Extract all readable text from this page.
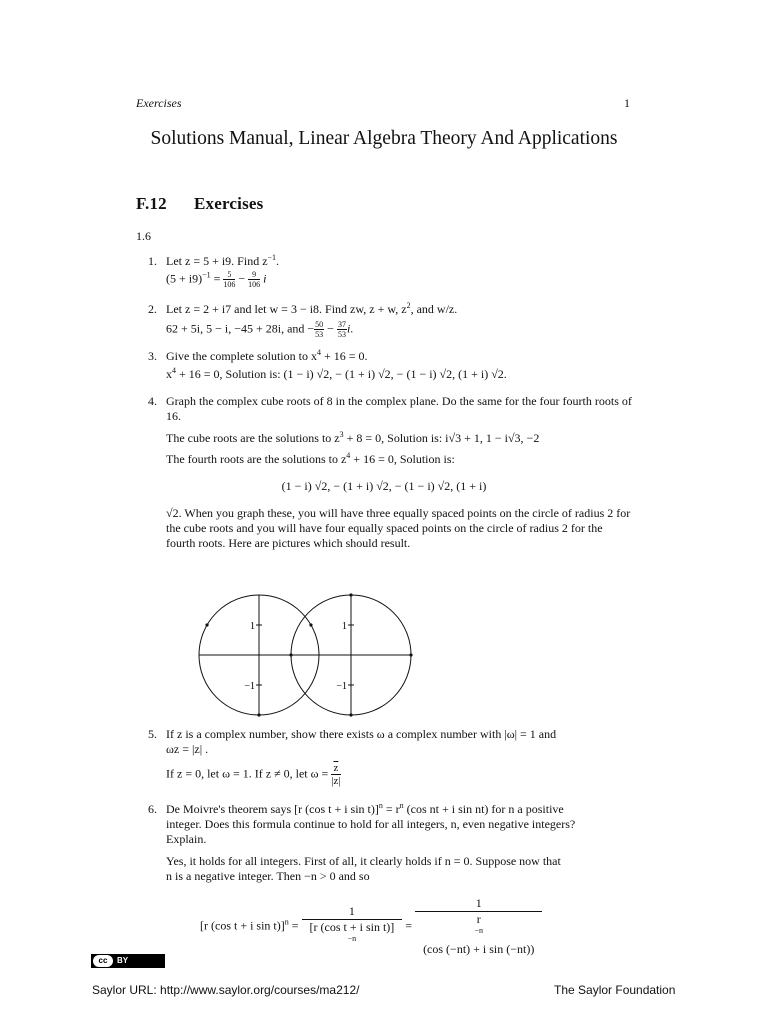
Exercises	1
Solutions Manual, Linear Algebra Theory And Applications
F.12 Exercises
1.6
1. Let z = 5 + i9. Find $z^{-1}$.
$(5 + i9)^{-1} = \frac{5}{106} - \frac{9}{106}$ i
2. Let z = 2 + i7 and let w = 3 − i8. Find zw, z + w, $z^2$, and w/z.
62 + 5i, 5 − i, −45 + 28i, and − $\frac{50}{53} - \frac{37}{53} i$.
3. Give the complete solution to $x^4 + 16 = 0$.
$x^4 + 16 = 0$, Solution is: (1 − i) √2, − (1 + i) √2, − (1 − i) √2, (1 + i) √2.
4. Graph the complex cube roots of 8 in the complex plane. Do the same for the four fourth roots of 16.
The cube roots are the solutions to $z^3 + 8 = 0$, Solution is: i√3 + 1, 1 − i√3, −2
The fourth roots are the solutions to $z^4 + 16 = 0$, Solution is:
(1 − i) √2, − (1 + i) √2, − (1 − i) √2, (1 + i)
√2. When you graph these, you will have three equally spaced points on the circle of radius 2 for the cube roots and you will have four equally spaced points on the circle of radius 2 for the fourth roots. Here are pictures which should result.
1
−1
1
−1
5. If z is a complex number, show there exists ω a complex number with |ω| = 1 and
ωz = |z| .
If z = 0, let ω = 1. If z ≠ 0, let $\omega = \frac{\overline{z}}{|z|}$
6. De Moivre's theorem says [r (cos t + i $\sin t)]^n = r^n$ (cos nt + i sin nt) for n a positive
integer. Does this formula continue to hold for all integers, n, even negative integers?
Explain.
Yes, it holds for all integers. First of all, it clearly holds if n = 0. Suppose now that
n is a negative integer. Then −n > 0 and so
[r (cos t + i sin t)]$^n$ = 1
[r (cos t + i sin t)]
$^{-n}$ = 1
r
$^{-n}$
(cos (−nt) + i sin (−nt))
cc	BY
Saylor URL: http://www.saylor.org/courses/ma212/	The Saylor Foundation
